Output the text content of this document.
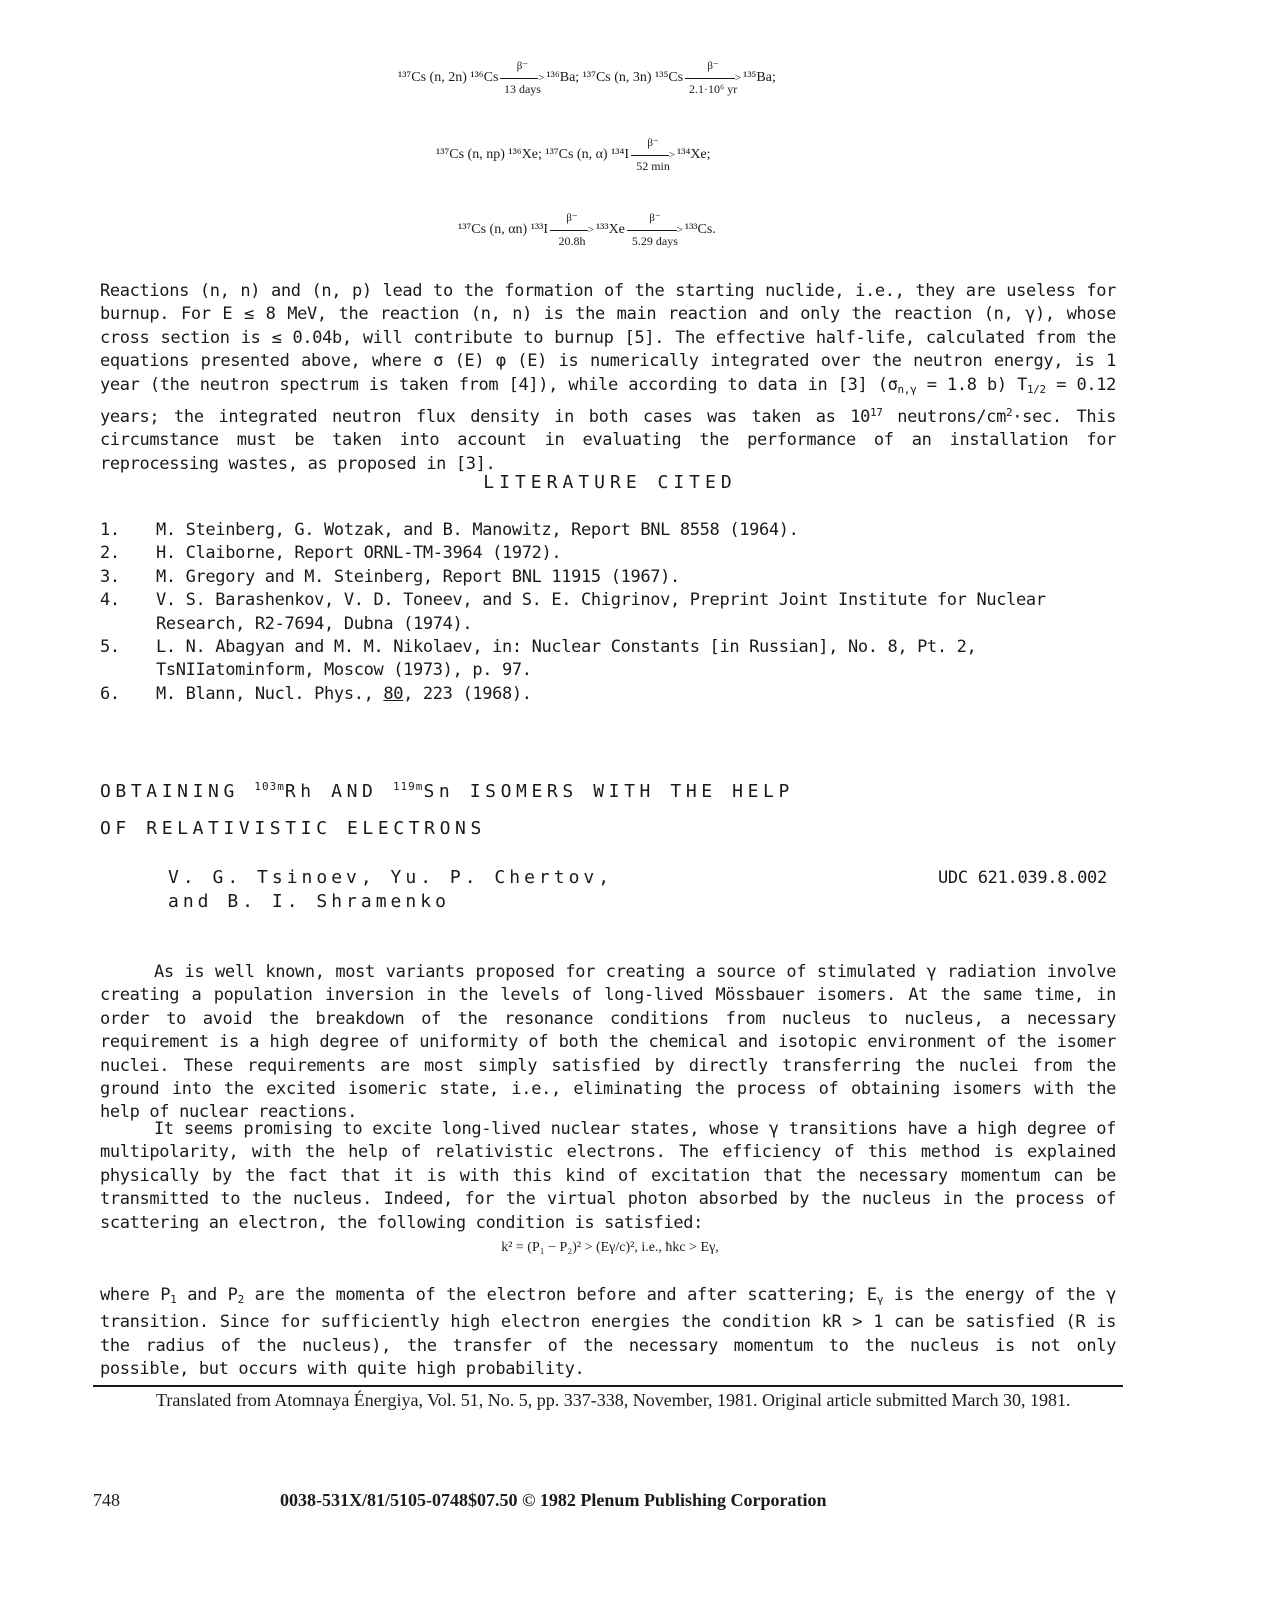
¹³⁷Cs (n, 2n) ¹³⁶Cs
β⁻
>
13 days
¹³⁶Ba; ¹³⁷Cs (n, 3n) ¹³⁵Cs
β⁻
>
2.1·10⁶ yr
¹³⁵Ba;
¹³⁷Cs (n, np) ¹³⁶Xe; ¹³⁷Cs (n, α) ¹³⁴I
β⁻
>
52 min
¹³⁴Xe;
¹³⁷Cs (n, αn) ¹³³I
β⁻
>
20.8h
¹³³Xe
β⁻
>
5.29 days
¹³³Cs.
Reactions (n, n) and (n, p) lead to the formation of the starting nuclide, i.e., they are useless for burnup. For E ≤ 8 MeV, the reaction (n, n) is the main reaction and only the reaction (n, γ), whose cross section is ≤ 0.04b, will contribute to burnup [5]. The effective half-life, calculated from the equations presented above, where σ (E) φ (E) is numerically integrated over the neutron energy, is 1 year (the neutron spectrum is taken from [4]), while according to data in [3] ($\sigma_{n,\gamma} = 1.8$ b) $T_{1/2} = 0.12$ years; the integrated neutron flux density in both cases was taken as $10^{17}$ neutrons/$cm^2\cdot\sec$. This circumstance must be taken into account in evaluating the performance of an installation for reprocessing wastes, as proposed in [3].
LITERATURE CITED
1. M. Steinberg, G. Wotzak, and B. Manowitz, Report BNL 8558 (1964).
2. H. Claiborne, Report ORNL-TM-3964 (1972).
3. M. Gregory and M. Steinberg, Report BNL 11915 (1967).
4. V. S. Barashenkov, V. D. Toneev, and S. E. Chigrinov, Preprint Joint Institute for Nuclear Research, R2-7694, Dubna (1974).
5. L. N. Abagyan and M. M. Nikolaev, in: Nuclear Constants [in Russian], No. 8, Pt. 2, TsNIIatominform, Moscow (1973), p. 97.
6. M. Blann, Nucl. Phys., 80, 223 (1968).
OBTAINING $^{103m}$Rh AND $^{119m}$Sn ISOMERS WITH THE HELP
OF RELATIVISTIC ELECTRONS
V. G. Tsinoev, Yu. P. Chertov,
and B. I. Shramenko
UDC 621.039.8.002
As is well known, most variants proposed for creating a source of stimulated γ radiation involve creating a population inversion in the levels of long-lived Mössbauer isomers. At the same time, in order to avoid the breakdown of the resonance conditions from nucleus to nucleus, a necessary requirement is a high degree of uniformity of both the chemical and isotopic environment of the isomer nuclei. These requirements are most simply satisfied by directly transferring the nuclei from the ground into the excited isomeric state, i.e., eliminating the process of obtaining isomers with the help of nuclear reactions.
It seems promising to excite long-lived nuclear states, whose γ transitions have a high degree of multipolarity, with the help of relativistic electrons. The efficiency of this method is explained physically by the fact that it is with this kind of excitation that the necessary momentum can be transmitted to the nucleus. Indeed, for the virtual photon absorbed by the nucleus in the process of scattering an electron, the following condition is satisfied:
k² = (P₁ − P₂)² > (Eγ/c)², i.e., ħkc > Eγ,
where $P_1$ and $P_2$ are the momenta of the electron before and after scattering; $E_\gamma$ is the energy of the γ transition. Since for sufficiently high electron energies the condition kR > 1 can be satisfied (R is the radius of the nucleus), the transfer of the necessary momentum to the nucleus is not only possible, but occurs with quite high probability.
Translated from Atomnaya Énergiya, Vol. 51, No. 5, pp. 337-338, November, 1981. Original article submitted March 30, 1981.
748	0038-531X/81/5105-0748$07.50 © 1982 Plenum Publishing Corporation
